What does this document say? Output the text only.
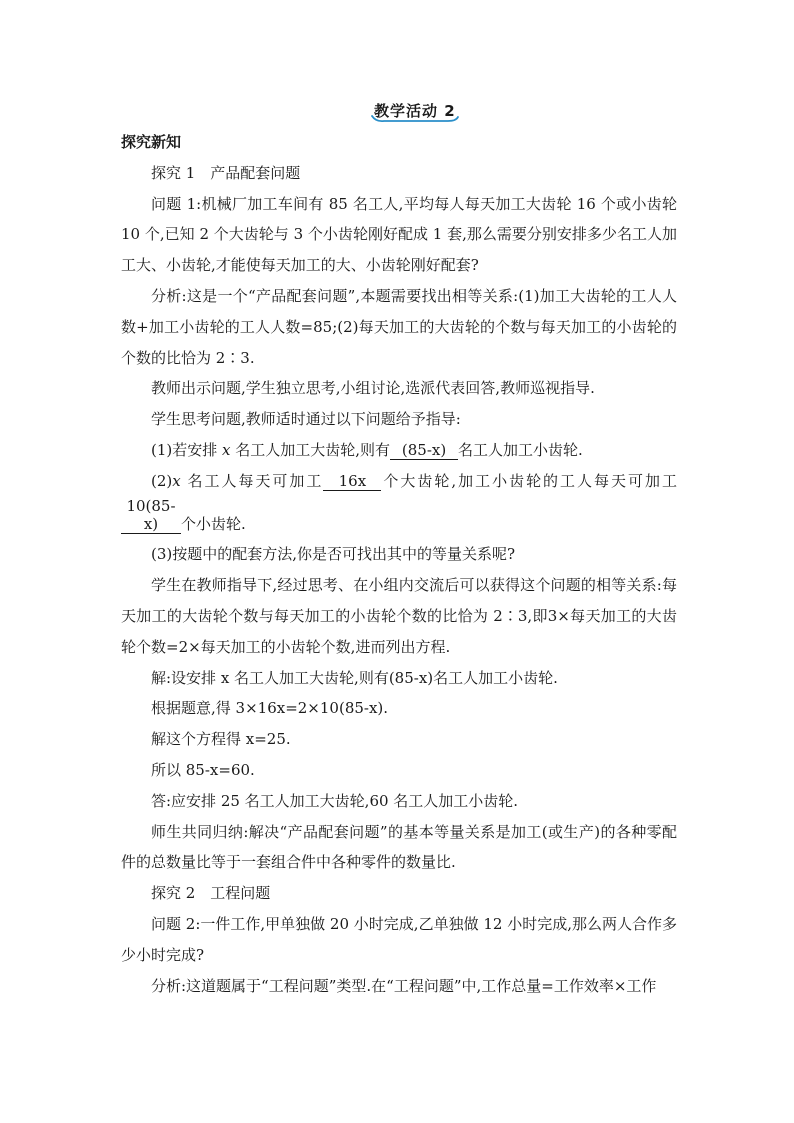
教学活动 2

探究新知

探究 1　产品配套问题

问题 1:机械厂加工车间有 85 名工人,平均每人每天加工大齿轮 16 个或小齿轮 10 个,已知 2 个大齿轮与 3 个小齿轮刚好配成 1 套,那么需要分别安排多少名工人加工大、小齿轮,才能使每天加工的大、小齿轮刚好配套?

分析:这是一个“产品配套问题”,本题需要找出相等关系:(1)加工大齿轮的工人人数+加工小齿轮的工人人数=85;(2)每天加工的大齿轮的个数与每天加工的小齿轮的个数的比恰为 2∶3.

教师出示问题,学生独立思考,小组讨论,选派代表回答,教师巡视指导.

学生思考问题,教师适时通过以下问题给予指导:

(1)若安排 x 名工人加工大齿轮,则有 (85-x) 名工人加工小齿轮.

(2)x 名工人每天可加工 16x 个大齿轮,加工小齿轮的工人每天可加工10(85-x) 个小齿轮.

(3)按题中的配套方法,你是否可找出其中的等量关系呢?

学生在教师指导下,经过思考、在小组内交流后可以获得这个问题的相等关系:每天加工的大齿轮个数与每天加工的小齿轮个数的比恰为 2∶3,即3×每天加工的大齿轮个数=2×每天加工的小齿轮个数,进而列出方程.

解:设安排 x 名工人加工大齿轮,则有(85-x)名工人加工小齿轮.

根据题意,得 3×16x=2×10(85-x).

解这个方程得 x=25.

所以 85-x=60.

答:应安排 25 名工人加工大齿轮,60 名工人加工小齿轮.

师生共同归纳:解决“产品配套问题”的基本等量关系是加工(或生产)的各种零配件的总数量比等于一套组合件中各种零件的数量比.

探究 2　工程问题

问题 2:一件工作,甲单独做 20 小时完成,乙单独做 12 小时完成,那么两人合作多少小时完成?

分析:这道题属于“工程问题”类型.在“工程问题”中,工作总量=工作效率×工作
